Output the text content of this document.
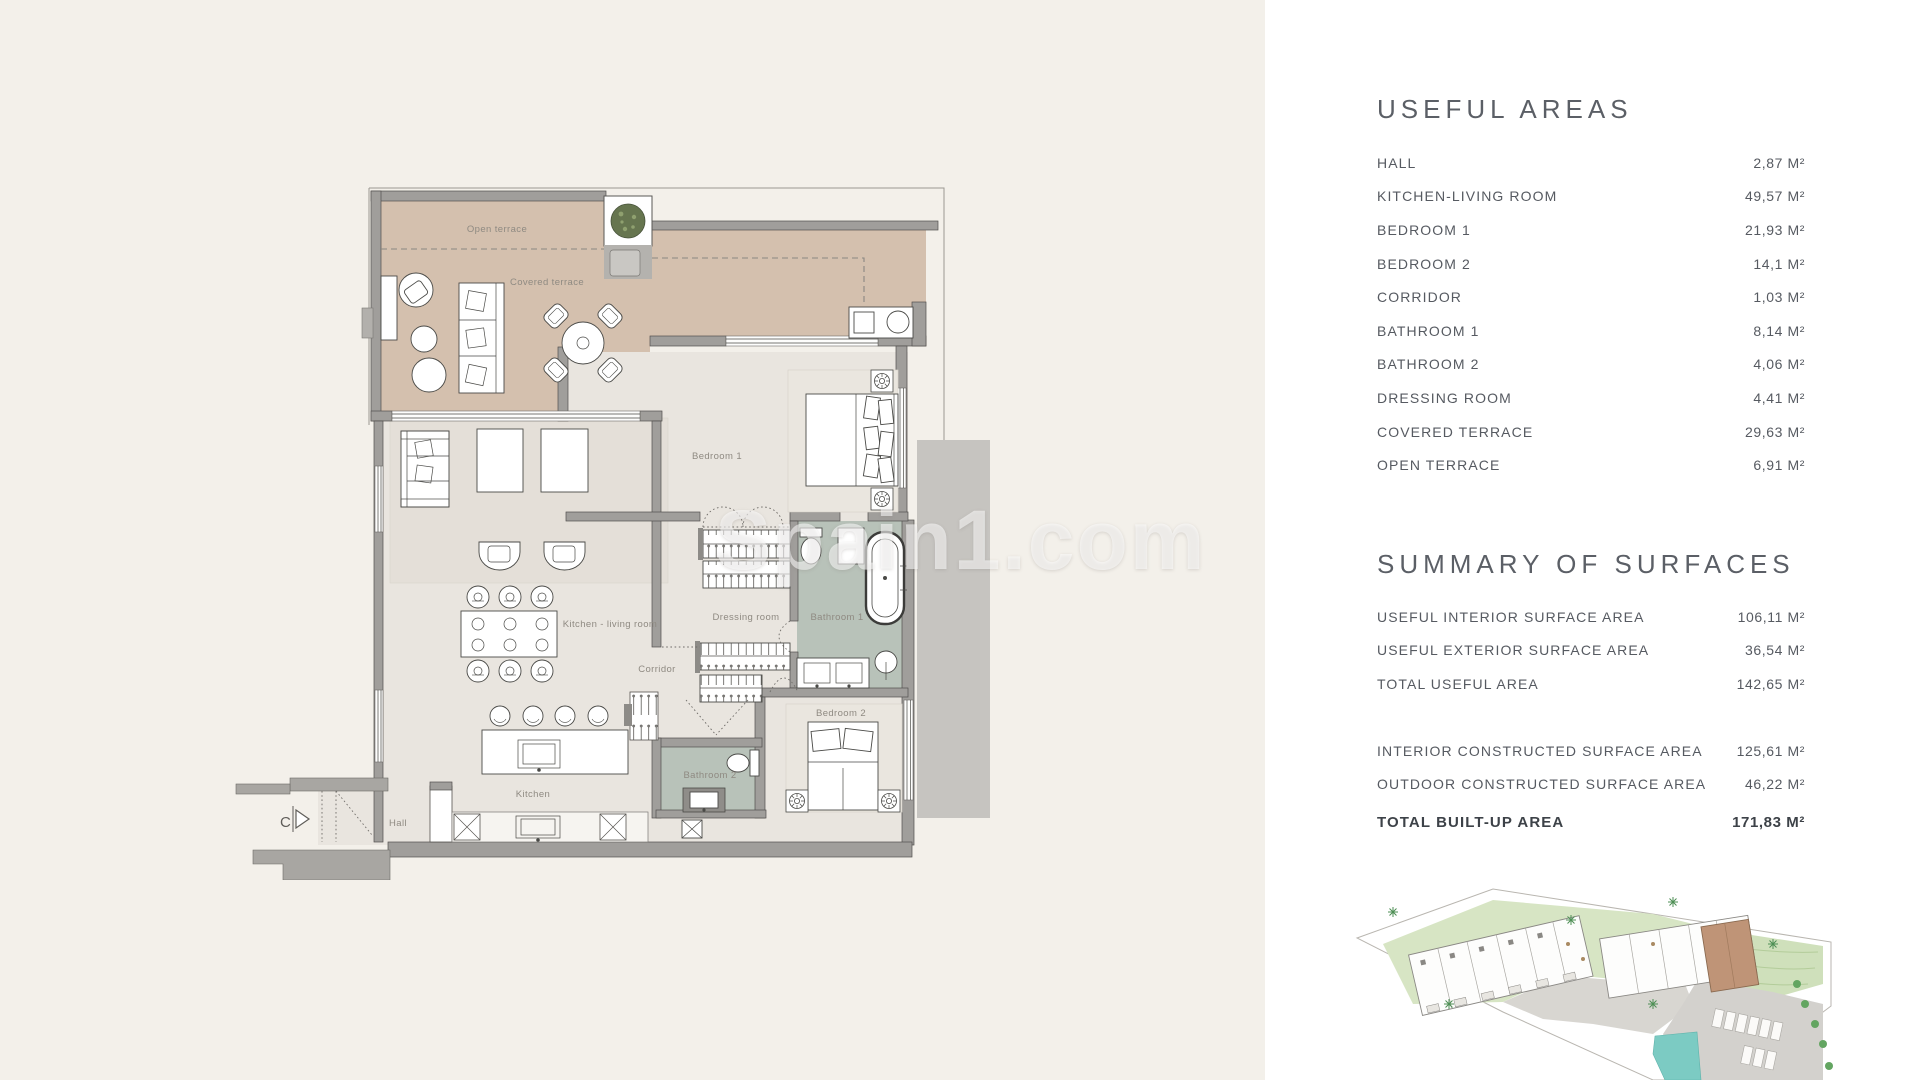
C
Open terrace
Covered terrace
Bedroom 1
Dressing room	Bathroom 1
Kitchen - living room
Corridor
Bedroom 2
Bathroom 2
Kitchen
Hall
Spain1.com
USEFUL AREAS
HALL	2,87 M²
KITCHEN-LIVING ROOM	49,57 M²
BEDROOM 1	21,93 M²
BEDROOM 2	14,1 M²
CORRIDOR	1,03 M²
BATHROOM 1	8,14 M²
BATHROOM 2	4,06 M²
DRESSING ROOM	4,41 M²
COVERED TERRACE	29,63 M²
OPEN TERRACE	6,91 M²
SUMMARY OF SURFACES
USEFUL INTERIOR SURFACE AREA	106,11 M²
USEFUL EXTERIOR SURFACE AREA	36,54 M²
TOTAL USEFUL AREA	142,65 M²
INTERIOR CONSTRUCTED SURFACE AREA 125,61 M²
OUTDOOR CONSTRUCTED SURFACE AREA	46,22 M²
TOTAL BUILT-UP AREA	171,83 M²
